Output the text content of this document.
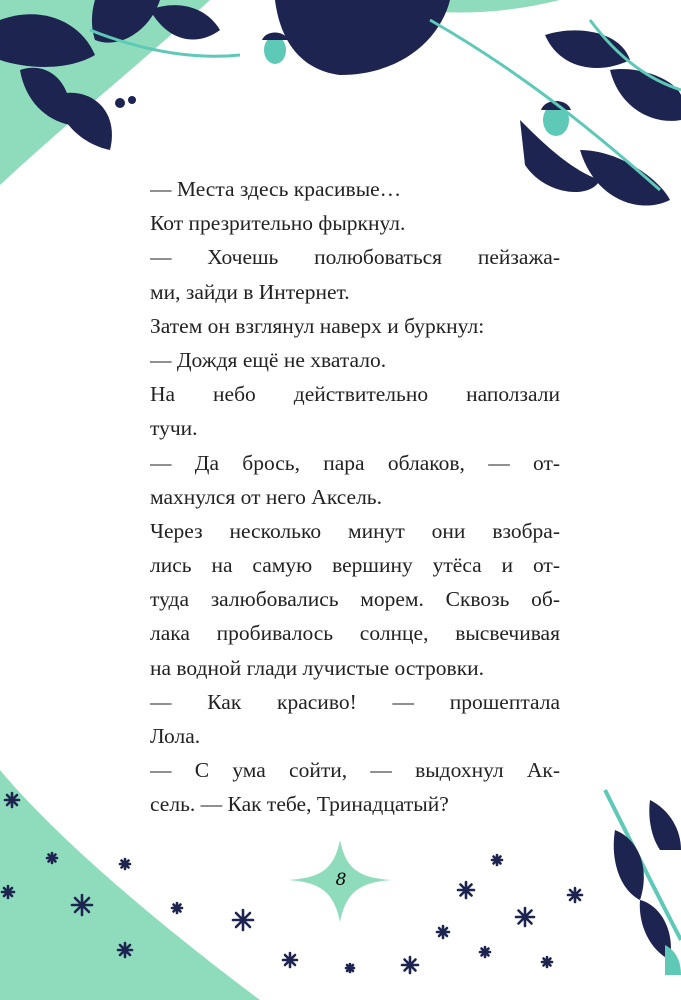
— Места здесь красивые…
Кот презрительно фыркнул.
— Хочешь полюбоваться пейзажа-
ми, зайди в Интернет.
Затем он взглянул наверх и буркнул:
— Дождя ещё не хватало.
На небо действительно наползали
тучи.
— Да брось, пара облаков, — от-
махнулся от него Аксель.
Через несколько минут они взобра-
лись на самую вершину утёса и от-
туда залюбовались морем. Сквозь об-
лака пробивалось солнце, высвечивая
на водной глади лучистые островки.
— Как красиво! — прошептала
Лола.
— С ума сойти, — выдохнул Ак-
сель. — Как тебе, Тринадцатый?
8
